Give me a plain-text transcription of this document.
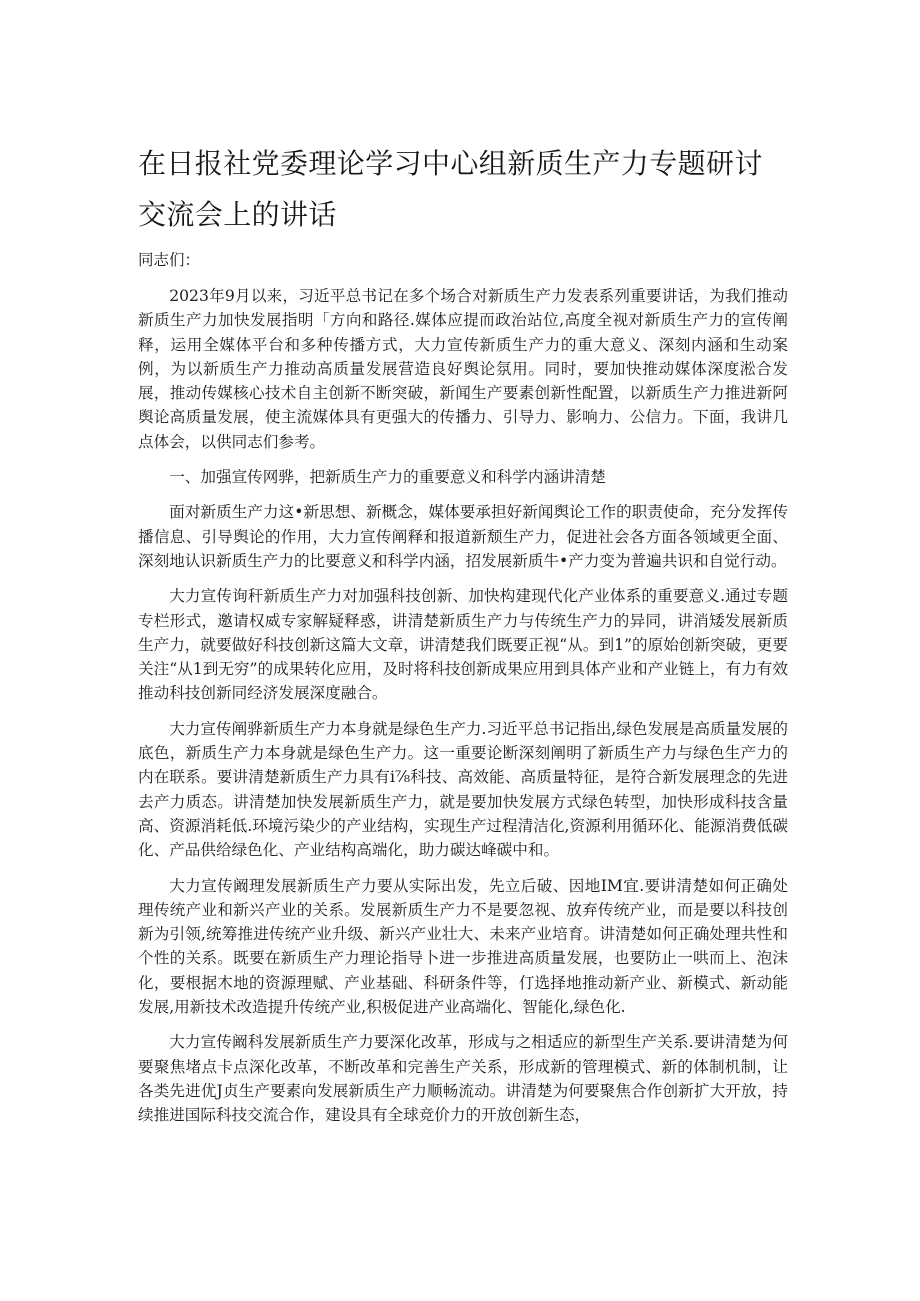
在日报社党委理论学习中心组新质生产力专题研讨
交流会上的讲话

同志们：

2023年9月以来，习近平总书记在多个场合对新质生产力发表系列重要讲话，为我们推动新质生产力加快发展指明「方向和路径.媒体应提而政治站位,高度全视对新质生产力的宣传阐释，运用全媒体平台和多种传播方式，大力宣传新质生产力的重大意义、深刻内涵和生动案例，为以新质生产力推动高质量发展营造良好舆论氛用。同时，要加快推动媒体深度淞合发展，推动传媒核心技术自主创新不断突破，新闻生产要素创新性配置，以新质生产力推进新阿舆论高质量发展，使主流媒体具有更强大的传播力、引导力、影响力、公信力。下面，我讲几点体会，以供同志们参考。

一、加强宣传网骅，把新质生产力的重要意义和科学内涵讲清楚

面对新质生产力这•新思想、新概念，媒体要承担好新闻舆论工作的职责使命，充分发挥传播信息、引导舆论的作用，大力宣传阐释和报道新颓生产力，促进社会各方面各领域更全面、深刻地认识新质生产力的比要意义和科学内涵，招发展新质牛•产力变为普遍共识和自觉行动。

大力宣传询秆新质生产力对加强科技创新、加快构建现代化产业体系的重要意义.通过专题专栏形式，邀请权威专家解疑释惑，讲清楚新质生产力与传统生产力的异同，讲消矮发展新质生产力，就要做好科技创新这篇大文章，讲清楚我们既要正视“从。到1”的原始创新突破，更要关注“从1到无穷”的成果转化应用，及时将科技创新成果应用到具体产业和产业链上，有力有效推动科技创新同经济发展深度融合。

大力宣传阐骅新质生产力本身就是绿色生产力.习近平总书记指出,绿色发展是高质量发展的底色，新质生产力本身就是绿色生产力。这一重要论断深刻阐明了新质生产力与绿色生产力的内在联系。要讲清楚新质生产力具有i⅞科技、高效能、高质量特征，是符合新发展理念的先进去产力质态。讲清楚加快发展新质生产力，就是要加快发展方式绿色转型，加快形成科技含量高、资源消耗低.环境污染少的产业结构，实现生产过程清洁化,资源利用循环化、能源消费低碳化、产品供给绿色化、产业结构高端化，助力碳达峰碳中和。

大力宣传阚理发展新质生产力要从实际出发，先立后破、因地IM宜.要讲清楚如何正确处理传统产业和新兴产业的关系。发展新质生产力不是要忽视、放弃传统产业，而是要以科技创新为引领,统筹推进传统产业升级、新兴产业壮大、未来产业培育。讲清楚如何正确处理共性和个性的关系。既要在新质生产力理论指导卜进一步推进高质量发展，也要防止一哄而上、泡沫化，要根据木地的资源理赋、产业基础、科研条件等，仃选择地推动新产业、新模式、新动能发展,用新技术改造提升传统产业,积极促进产业高端化、智能化,绿色化.

大力宣传阚科发展新质生产力要深化改革，形成与之相适应的新型生产关系.要讲清楚为何要聚焦堵点卡点深化改革，不断改革和完善生产关系，形成新的管理模式、新的体制机制，让各类先进优J贞生产要素向发展新质生产力顺畅流动。讲清楚为何要聚焦合作创新扩大开放，持续推进国际科技交流合作，建设具有全球竞价力的开放创新生态，
